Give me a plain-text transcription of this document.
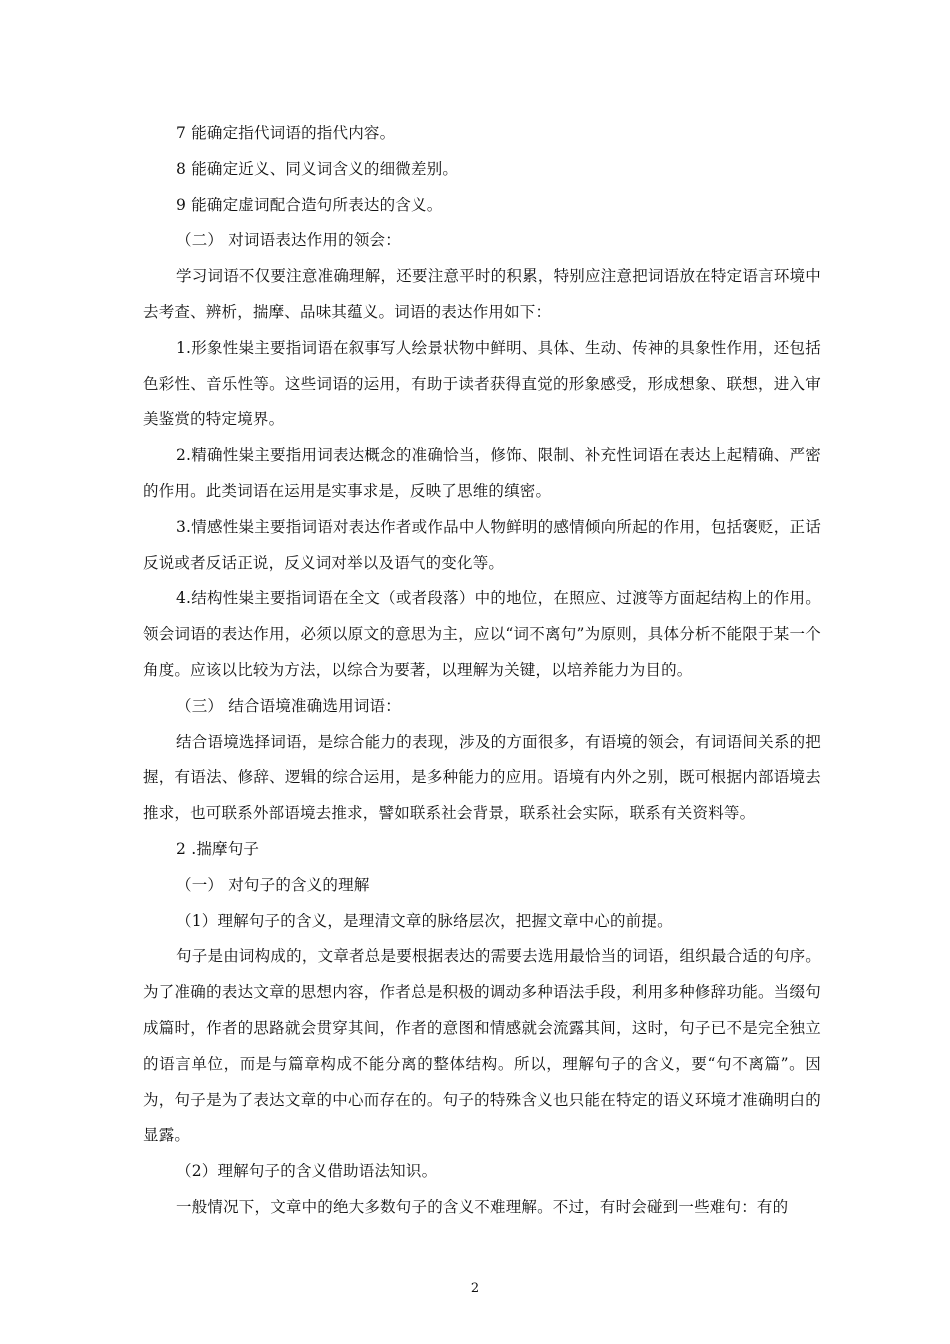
7 能确定指代词语的指代内容。

8 能确定近义、同义词含义的细微差别。

9 能确定虚词配合造句所表达的含义。

（二） 对词语表达作用的领会：

学习词语不仅要注意准确理解，还要注意平时的积累，特别应注意把词语放在特定语言环境中去考查、辨析，揣摩、品味其蕴义。词语的表达作用如下：

1.形象性粜主要指词语在叙事写人绘景状物中鲜明、具体、生动、传神的具象性作用，还包括色彩性、音乐性等。这些词语的运用，有助于读者获得直觉的形象感受，形成想象、联想，进入审美鉴赏的特定境界。

2.精确性粜主要指用词表达概念的准确恰当，修饰、限制、补充性词语在表达上起精确、严密的作用。此类词语在运用是实事求是，反映了思维的缜密。

3.情感性粜主要指词语对表达作者或作品中人物鲜明的感情倾向所起的作用，包括褒贬，正话反说或者反话正说，反义词对举以及语气的变化等。

4.结构性粜主要指词语在全文（或者段落）中的地位，在照应、过渡等方面起结构上的作用。领会词语的表达作用，必须以原文的意思为主，应以“词不离句”为原则，具体分析不能限于某一个角度。应该以比较为方法，以综合为要著，以理解为关键，以培养能力为目的。

（三） 结合语境准确选用词语：

结合语境选择词语，是综合能力的表现，涉及的方面很多，有语境的领会，有词语间关系的把握，有语法、修辞、逻辑的综合运用，是多种能力的应用。语境有内外之别，既可根据内部语境去推求，也可联系外部语境去推求，譬如联系社会背景，联系社会实际，联系有关资料等。

2 .揣摩句子

（一） 对句子的含义的理解

（1）理解句子的含义，是理清文章的脉络层次，把握文章中心的前提。

句子是由词构成的，文章者总是要根据表达的需要去选用最恰当的词语，组织最合适的句序。为了准确的表达文章的思想内容，作者总是积极的调动多种语法手段，利用多种修辞功能。当缀句成篇时，作者的思路就会贯穿其间，作者的意图和情感就会流露其间，这时，句子已不是完全独立的语言单位，而是与篇章构成不能分离的整体结构。所以，理解句子的含义，要“句不离篇”。因为，句子是为了表达文章的中心而存在的。句子的特殊含义也只能在特定的语义环境才准确明白的显露。

（2）理解句子的含义借助语法知识。

一般情况下，文章中的绝大多数句子的含义不难理解。不过，有时会碰到一些难句：有的

2
